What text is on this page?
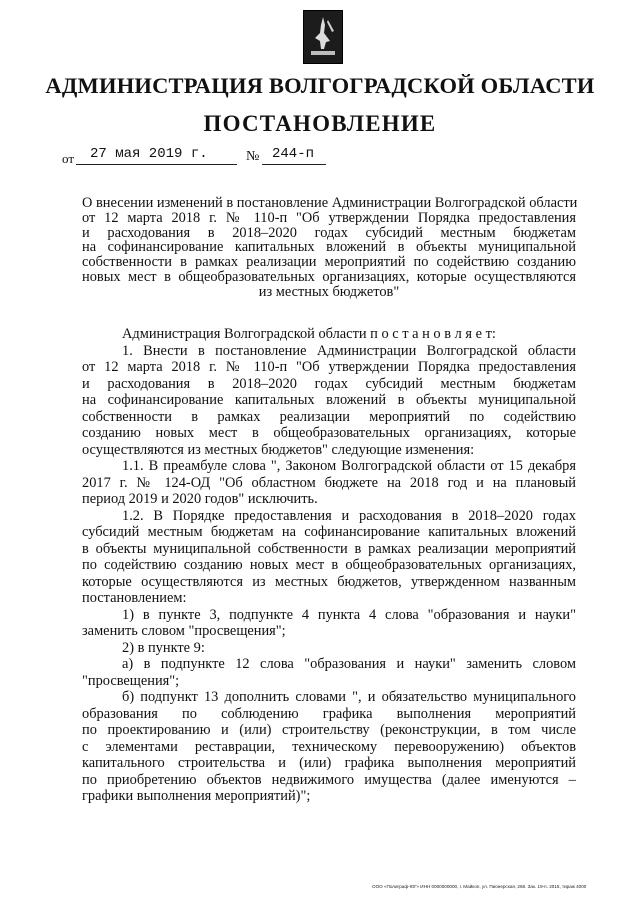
АДМИНИСТРАЦИЯ ВОЛГОГРАДСКОЙ ОБЛАСТИ
ПОСТАНОВЛЕНИЕ
от 27 мая 2019 г.	№ 244-п
О внесении изменений в постановление Администрации Волгоградской области
от 12 марта 2018 г. № 110-п "Об утверждении Порядка предоставления
и расходования в 2018–2020 годах субсидий местным бюджетам
на софинансирование капитальных вложений в объекты муниципальной
собственности в рамках реализации мероприятий по содействию созданию
новых мест в общеобразовательных организациях, которые осуществляются
из местных бюджетов"
Администрация Волгоградской области п о с т а н о в л я е т:
1. Внести в постановление Администрации Волгоградской области
от 12 марта 2018 г. № 110-п "Об утверждении Порядка предоставления
и расходования в 2018–2020 годах субсидий местным бюджетам
на софинансирование капитальных вложений в объекты муниципальной
собственности в рамках реализации мероприятий по содействию
созданию новых мест в общеобразовательных организациях, которые
осуществляются из местных бюджетов" следующие изменения:
1.1. В преамбуле слова ", Законом Волгоградской области от 15 декабря
2017 г. № 124-ОД "Об областном бюджете на 2018 год и на плановый
период 2019 и 2020 годов" исключить.
1.2. В Порядке предоставления и расходования в 2018–2020 годах
субсидий местным бюджетам на софинансирование капитальных вложений
в объекты муниципальной собственности в рамках реализации мероприятий
по содействию созданию новых мест в общеобразовательных организациях,
которые осуществляются из местных бюджетов, утвержденном названным
постановлением:
1) в пункте 3, подпункте 4 пункта 4 слова "образования и науки"
заменить словом "просвещения";
2) в пункте 9:
а) в подпункте 12 слова "образования и науки" заменить словом
"просвещения";
б) подпункт 13 дополнить словами ", и обязательство муниципального
образования по соблюдению графика выполнения мероприятий
по проектированию и (или) строительству (реконструкции, в том числе
с элементами реставрации, техническому перевооружению) объектов
капитального строительства и (или) графика выполнения мероприятий
по приобретению объектов недвижимого имущества (далее именуются –
графики выполнения мероприятий)";
ООО «Полиграф-ЮГ» ИНН 0000000000, г. Майкоп, ул. Пионерская, 268. Зак. 19-п. 2015, тираж 4000
